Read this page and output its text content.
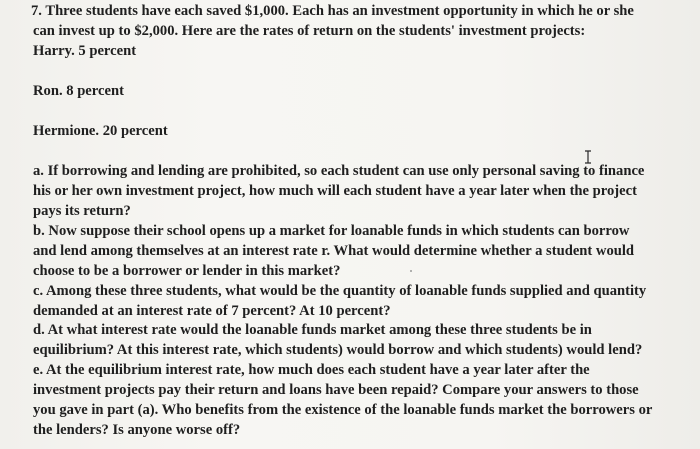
7. Three students have each saved $1,000. Each has an investment opportunity in which he or she
can invest up to $2,000. Here are the rates of return on the students' investment projects:
Harry. 5 percent
Ron. 8 percent
Hermione. 20 percent
a. If borrowing and lending are prohibited, so each student can use only personal saving to finance
his or her own investment project, how much will each student have a year later when the project
pays its return?
b. Now suppose their school opens up a market for loanable funds in which students can borrow
and lend among themselves at an interest rate r. What would determine whether a student would
choose to be a borrower or lender in this market?
c. Among these three students, what would be the quantity of loanable funds supplied and quantity
demanded at an interest rate of 7 percent? At 10 percent?
d. At what interest rate would the loanable funds market among these three students be in
equilibrium? At this interest rate, which students) would borrow and which students) would lend?
e. At the equilibrium interest rate, how much does each student have a year later after the
investment projects pay their return and loans have been repaid? Compare your answers to those
you gave in part (a). Who benefits from the existence of the loanable funds market the borrowers or
the lenders? Is anyone worse off?
